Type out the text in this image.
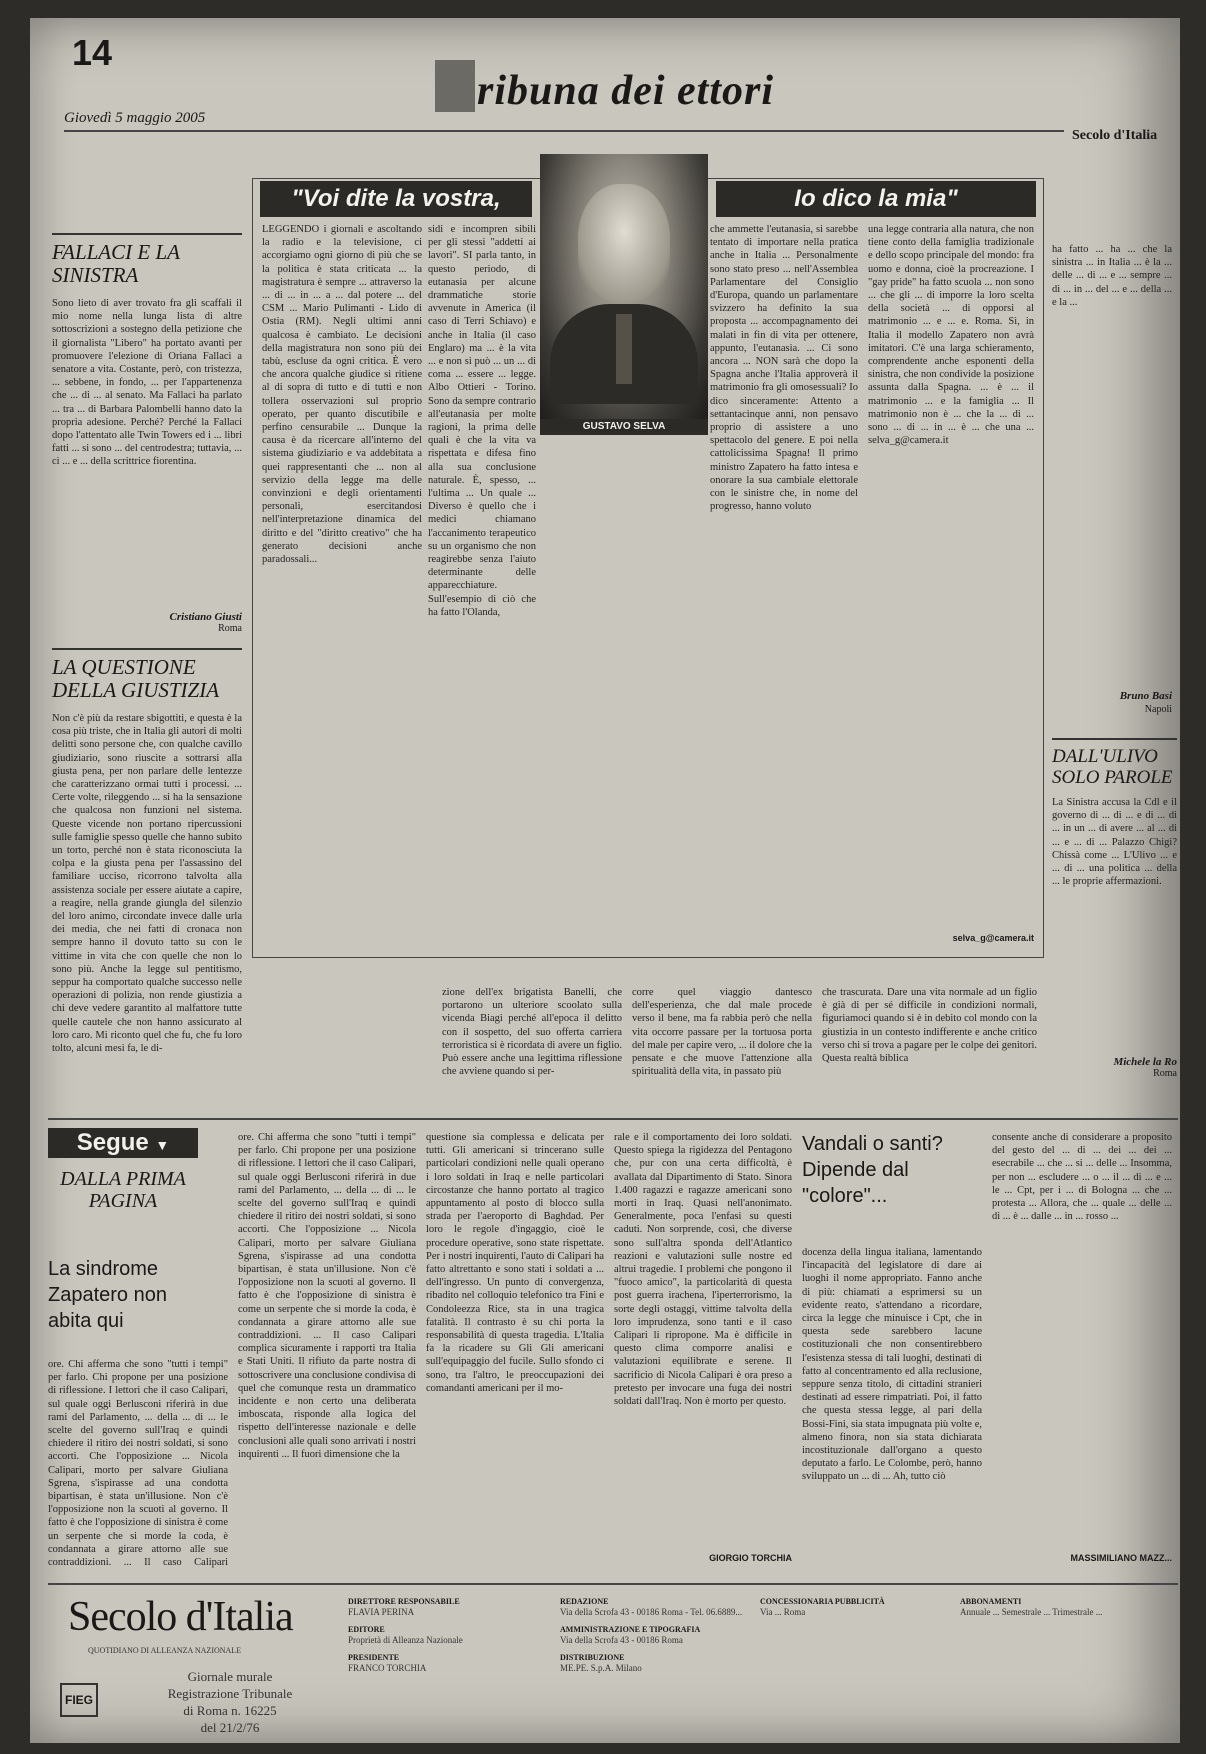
14
ribuna dei ettori
Giovedì 5 maggio 2005
Secolo d'Italia
FALLACI E LA SINISTRA
Sono lieto di aver trovato fra gli scaffali il mio nome nella lunga lista di altre sottoscrizioni a sostegno della petizione che il giornalista "Libero" ha portato avanti per promuovere l'elezione di Oriana Fallaci a senatore a vita. Costante, però, con tristezza, ... sebbene, in fondo, ... per l'appartenenza che ... di ... al senato. Ma Fallaci ha parlato ... tra ... di Barbara Palombelli hanno dato la propria adesione. Perché? Perché la Fallaci dopo l'attentato alle Twin Towers ed i ... libri fatti ... si sono ... del centrodestra; tuttavia, ... ci ... e ... della scrittrice fiorentina.
Cristiano Giusti
Roma
LA QUESTIONE DELLA GIUSTIZIA
Non c'è più da restare sbigottiti, e questa è la cosa più triste, che in Italia gli autori di molti delitti sono persone che, con qualche cavillo giudiziario, sono riuscite a sottrarsi alla giusta pena, per non parlare delle lentezze che caratterizzano ormai tutti i processi. ... Certe volte, rileggendo ... si ha la sensazione che qualcosa non funzioni nel sistema. Queste vicende non portano ripercussioni sulle famiglie spesso quelle che hanno subito un torto, perché non è stata riconosciuta la colpa e la giusta pena per l'assassino del familiare ucciso, ricorrono talvolta alla assistenza sociale per essere aiutate a capire, a reagire, nella grande giungla del silenzio del loro animo, circondate invece dalle urla dei media, che nei fatti di cronaca non sempre hanno il dovuto tatto su con le vittime in vita che con quelle che non lo sono più. Anche la legge sul pentitismo, seppur ha comportato qualche successo nelle operazioni di polizia, non rende giustizia a chi deve vedere garantito al malfattore tutte quelle cautele che non hanno assicurato al loro caro. Mi riconto quel che fu, che fu loro tolto, alcuni mesi fa, le di-
"Voi dite la vostra,	Io dico la mia"
GUSTAVO SELVA
LEGGENDO i giornali e ascoltando la radio e la televisione, ci accorgiamo ogni giorno di più che se la politica è stata criticata ... la magistratura è sempre ... attraverso la ... di ... in ... a ... dal potere ... del CSM ... Mario Pulimanti - Lido di Ostia (RM). Negli ultimi anni qualcosa è cambiato. Le decisioni della magistratura non sono più dei tabù, escluse da ogni critica. È vero che ancora qualche giudice si ritiene al di sopra di tutto e di tutti e non tollera osservazioni sul proprio operato, per quanto discutibile e perfino censurabile ... Dunque la causa è da ricercare all'interno del sistema giudiziario e va addebitata a quei rappresentanti che ... non al servizio della legge ma delle convinzioni e degli orientamenti personali, esercitandosi nell'interpretazione dinamica del diritto e del "diritto creativo" che ha generato decisioni anche paradossali...
sidi e incompren sibili per gli stessi "addetti ai lavori". SI parla tanto, in questo periodo, di eutanasia per alcune drammatiche storie avvenute in America (il caso di Terri Schiavo) e anche in Italia (il caso Englaro) ma ... è la vita ... e non si può ... un ... di coma ... essere ... legge. Albo Ottieri - Torino. Sono da sempre contrario all'eutanasia per molte ragioni, la prima delle quali è che la vita va rispettata e difesa fino alla sua conclusione naturale. È, spesso, ... l'ultima ... Un quale ... Diverso è quello che i medici chiamano l'accanimento terapeutico su un organismo che non reagirebbe senza l'aiuto determinante delle apparecchiature. Sull'esempio di ciò che ha fatto l'Olanda,
che ammette l'eutanasia, si sarebbe tentato di importare nella pratica anche in Italia ... Personalmente sono stato preso ... nell'Assemblea Parlamentare del Consiglio d'Europa, quando un parlamentare svizzero ha definito la sua proposta ... accompagnamento dei malati in fin di vita per ottenere, appunto, l'eutanasia. ... Ci sono ancora ... NON sarà che dopo la Spagna anche l'Italia approverà il matrimonio fra gli omosessuali? Io dico sinceramente: Attento a settantacinque anni, non pensavo proprio di assistere a uno spettacolo del genere. E poi nella cattolicissima Spagna! Il primo ministro Zapatero ha fatto intesa e onorare la sua cambiale elettorale con le sinistre che, in nome del progresso, hanno voluto
una legge contraria alla natura, che non tiene conto della famiglia tradizionale e dello scopo principale del mondo: fra uomo e donna, cioè la procreazione. I "gay pride" ha fatto scuola ... non sono ... che gli ... di imporre la loro scelta della società ... di opporsi al matrimonio ... e ... e. Roma. Sì, in Italia il modello Zapatero non avrà imitatori. C'è una larga schieramento, comprendente anche esponenti della sinistra, che non condivide la posizione assunta dalla Spagna. ... è ... il matrimonio ... e la famiglia ... Il matrimonio non è ... che la ... di ... sono ... di ... in ... è ... che una ... selva_g@camera.it
selva_g@camera.it
zione dell'ex brigatista Banelli, che portarono un ulteriore scoolato sulla vicenda Biagi perché all'epoca il delitto con il sospetto, del suo offerta carriera terroristica si è ricordata di avere un figlio. Può essere anche una legittima riflessione che avviene quando si per-
corre quel viaggio dantesco dell'esperienza, che dal male procede verso il bene, ma fa rabbia però che nella vita occorre passare per la tortuosa porta del male per capire vero, ... il dolore che la pensate e che muove l'attenzione alla spiritualità della vita, in passato più
che trascurata. Dare una vita normale ad un figlio è già di per sé difficile in condizioni normali, figuriamoci quando si è in debito col mondo con la giustizia in un contesto indifferente e anche critico verso chi si trova a pagare per le colpe dei genitori. Questa realtà biblica
ha fatto ... ha ... che la sinistra ... in Italia ... è la ... delle ... di ... e ... sempre ... di ... in ... del ... e ... della ... e la ...
Bruno Basi
Napoli
DALL'ULIVO SOLO PAROLE
La Sinistra accusa la Cdl e il governo di ... di ... e di ... di ... in un ... di avere ... al ... di ... e ... di ... Palazzo Chigi? Chissà come ... L'Ulivo ... e ... di ... una politica ... della ... le proprie affermazioni.
Michele la Ro
Roma
Segue ▼
DALLA PRIMA PAGINA
La sindrome Zapatero non abita qui
ore. Chi afferma che sono "tutti i tempi" per farlo. Chi propone per una posizione di riflessione. I lettori che il caso Calipari, sul quale oggi Berlusconi riferirà in due rami del Parlamento, ... della ... di ... le scelte del governo sull'Iraq e quindi chiedere il ritiro dei nostri soldati, si sono accorti. Che l'opposizione ... Nicola Calipari, morto per salvare Giuliana Sgrena, s'ispirasse ad una condotta bipartisan, è stata un'illusione. Non c'è l'opposizione non la scuoti al governo. Il fatto è che l'opposizione di sinistra è come un serpente che si morde la coda, è condannata a girare attorno alle sue contraddizioni. ... Il caso Calipari
ore. Chi afferma che sono "tutti i tempi" per farlo. Chi propone per una posizione di riflessione. I lettori che il caso Calipari, sul quale oggi Berlusconi riferirà in due rami del Parlamento, ... della ... di ... le scelte del governo sull'Iraq e quindi chiedere il ritiro dei nostri soldati, si sono accorti. Che l'opposizione ... Nicola Calipari, morto per salvare Giuliana Sgrena, s'ispirasse ad una condotta bipartisan, è stata un'illusione. Non c'è l'opposizione non la scuoti al governo. Il fatto è che l'opposizione di sinistra è come un serpente che si morde la coda, è condannata a girare attorno alle sue contraddizioni. ... Il caso Calipari complica sicuramente i rapporti tra Italia e Stati Uniti. Il rifiuto da parte nostra di sottoscrivere una conclusione condivisa di quel che comunque resta un drammatico incidente e non certo una deliberata imboscata, risponde alla logica del rispetto dell'interesse nazionale e delle conclusioni alle quali sono arrivati i nostri inquirenti ... Il fuori dimensione che la
questione sia complessa e delicata per tutti. Gli americani si trincerano sulle particolari condizioni nelle quali operano i loro soldati in Iraq e nelle particolari circostanze che hanno portato al tragico appuntamento al posto di blocco sulla strada per l'aeroporto di Baghdad. Per loro le regole d'ingaggio, cioè le procedure operative, sono state rispettate. Per i nostri inquirenti, l'auto di Calipari ha fatto altrettanto e sono stati i soldati a ... dell'ingresso. Un punto di convergenza, ribadito nel colloquio telefonico tra Fini e Condoleezza Rice, sta in una tragica fatalità. Il contrasto è su chi porta la responsabilità di questa tragedia. L'Italia fa la ricadere su Gli Gli americani sull'equipaggio del fucile. Sullo sfondo ci sono, tra l'altro, le preoccupazioni dei comandanti americani per il mo-
rale e il comportamento dei loro soldati. Questo spiega la rigidezza del Pentagono che, pur con una certa difficoltà, è avallata dal Dipartimento di Stato. Sinora 1.400 ragazzi e ragazze americani sono morti in Iraq. Quasi nell'anonimato. Generalmente, poca l'enfasi su questi caduti. Non sorprende, così, che diverse sono sull'altra sponda dell'Atlantico reazioni e valutazioni sulle nostre ed altrui tragedie. I problemi che pongono il "fuoco amico", la particolarità di questa post guerra irachena, l'iperterrorismo, la sorte degli ostaggi, vittime talvolta della loro imprudenza, sono tanti e il caso Calipari li ripropone. Ma è difficile in questo clima comporre analisi e valutazioni equilibrate e serene. Il sacrificio di Nicola Calipari è ora preso a pretesto per invocare una fuga dei nostri soldati dall'Iraq. Non è morto per questo.
GIORGIO TORCHIA
Vandali o santi? Dipende dal "colore"...
docenza della lingua italiana, lamentando l'incapacità del legislatore di dare ai luoghi il nome appropriato. Fanno anche di più: chiamati a esprimersi su un evidente reato, s'attendano a ricordare, circa la legge che minuisce i Cpt, che in questa sede sarebbero lacune costituzionali che non consentirebbero l'esistenza stessa di tali luoghi, destinati di fatto al concentramento ed alla reclusione, seppure senza titolo, di cittadini stranieri destinati ad essere rimpatriati. Poi, il fatto che questa stessa legge, al pari della Bossi-Fini, sia stata impugnata più volte e, almeno finora, non sia stata dichiarata incostituzionale dall'organo a questo deputato a farlo. Le Colombe, però, hanno sviluppato un ... di ... Ah, tutto ciò
consente anche di considerare a proposito del gesto del ... di ... dei ... dei ... esecrabile ... che ... si ... delle ... Insomma, per non ... escludere ... o ... il ... di ... e ... le ... Cpt, per i ... di Bologna ... che ... protesta ... Allora, che ... quale ... delle ... di ... è ... dalle ... in ... rosso ...
MASSIMILIANO MAZZ...
Secolo d'Italia
QUOTIDIANO DI ALLEANZA NAZIONALE
FIEG
Giornale murale
Registrazione Tribunale
di Roma n. 16225
del 21/2/76
DIRETTORE RESPONSABILE
FLAVIA PERINA
EDITORE
Proprietà di Alleanza Nazionale
PRESIDENTE
FRANCO TORCHIA
REDAZIONE
Via della Scrofa 43 - 00186 Roma - Tel. 06.6889...
AMMINISTRAZIONE E TIPOGRAFIA
Via della Scrofa 43 - 00186 Roma
DISTRIBUZIONE
ME.PE. S.p.A. Milano
CONCESSIONARIA PUBBLICITÀ
Via ... Roma
ABBONAMENTI
Annuale ... Semestrale ... Trimestrale ...
